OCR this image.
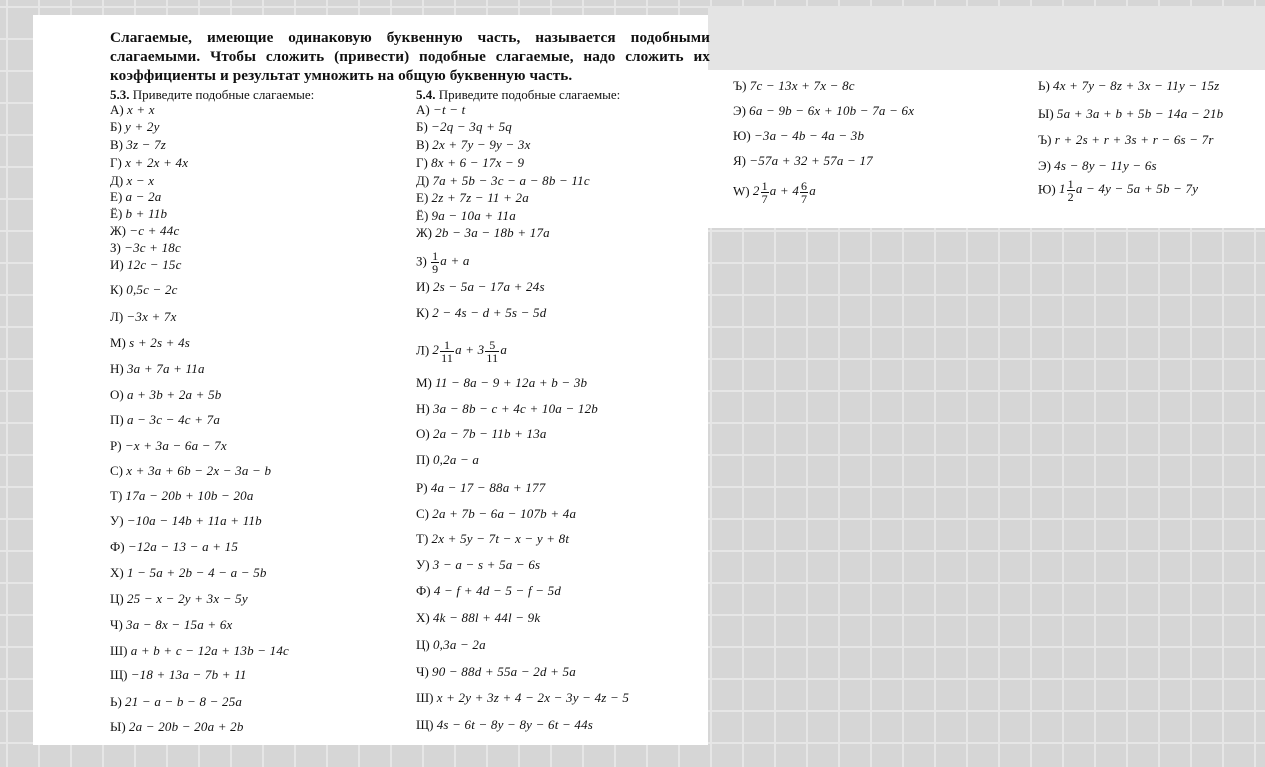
Слагаемые, имеющие одинаковую буквенную часть, называется подобными слагаемыми. Чтобы сложить (привести) подобные слагаемые, надо сложить их коэффициенты и результат умножить на общую буквенную часть.
5.3. Приведите подобные слагаемые:
А) x + x
Б) y + 2y
В) 3z − 7z
Г) x + 2x + 4x
Д) x − x
Е) a − 2a
Ё) b + 11b
Ж) −c + 44c
З) −3c + 18c
И) 12c − 15c
К) 0,5c − 2c
Л) −3x + 7x
М) s + 2s + 4s
Н) 3a + 7a + 11a
О) a + 3b + 2a + 5b
П) a − 3c − 4c + 7a
Р) −x + 3a − 6a − 7x
С) x + 3a + 6b − 2x − 3a − b
Т) 17a − 20b + 10b − 20a
У) −10a − 14b + 11a + 11b
Ф) −12a − 13 − a + 15
Х) 1 − 5a + 2b − 4 − a − 5b
Ц) 25 − x − 2y + 3x − 5y
Ч) 3a − 8x − 15a + 6x
Ш) a + b + c − 12a + 13b − 14c
Щ) −18 + 13a − 7b + 11
Ь) 21 − a − b − 8 − 25a
Ы) 2a − 20b − 20a + 2b
5.4. Приведите подобные слагаемые:
А) −t − t
Б) −2q − 3q + 5q
В) 2x + 7y − 9y − 3x
Г) 8x + 6 − 17x − 9
Д) 7a + 5b − 3c − a − 8b − 11c
Е) 2z + 7z − 11 + 2a
Ё) 9a − 10a + 11a
Ж) 2b − 3a − 18b + 17a
$З) \frac{1}{9}$ a + a
И) 2s − 5a − 17a + 24s
К) 2 − 4s − d + 5s − 5d
Л) $2 \frac{1}{11}$ $a + 3 \frac{5}{11}$ a
М) 11 − 8a − 9 + 12a + b − 3b
Н) 3a − 8b − c + 4c + 10a − 12b
О) 2a − 7b − 11b + 13a
П) 0,2a − a
Р) 4a − 17 − 88a + 177
С) 2a + 7b − 6a − 107b + 4a
Т) 2x + 5y − 7t − x − y + 8t
У) 3 − a − s + 5a − 6s
Ф) 4 − f + 4d − 5 − f − 5d
Х) 4k − 88l + 44l − 9k
Ц) 0,3a − 2a
Ч) 90 − 88d + 55a − 2d + 5a
Ш) x + 2y + 3z + 4 − 2x − 3y − 4z − 5
Щ) 4s − 6t − 8y − 8y − 6t − 44s
Ъ) 7c − 13x + 7x − 8c
Э) 6a − 9b − 6x + 10b − 7a − 6x
Ю) −3a − 4b − 4a − 3b
Я) −57a + 32 + 57a − 17
W) $2 \frac{1}{7}$ $a + 4 \frac{6}{7}$ a
Ь) 4x + 7y − 8z + 3x − 11y − 15z
Ы) 5a + 3a + b + 5b − 14a − 21b
Ъ) r + 2s + r + 3s + r − 6s − 7r
Э) 4s − 8y − 11y − 6s
Ю) $1 \frac{1}{2}$ a − 4y − 5a + 5b − 7y
